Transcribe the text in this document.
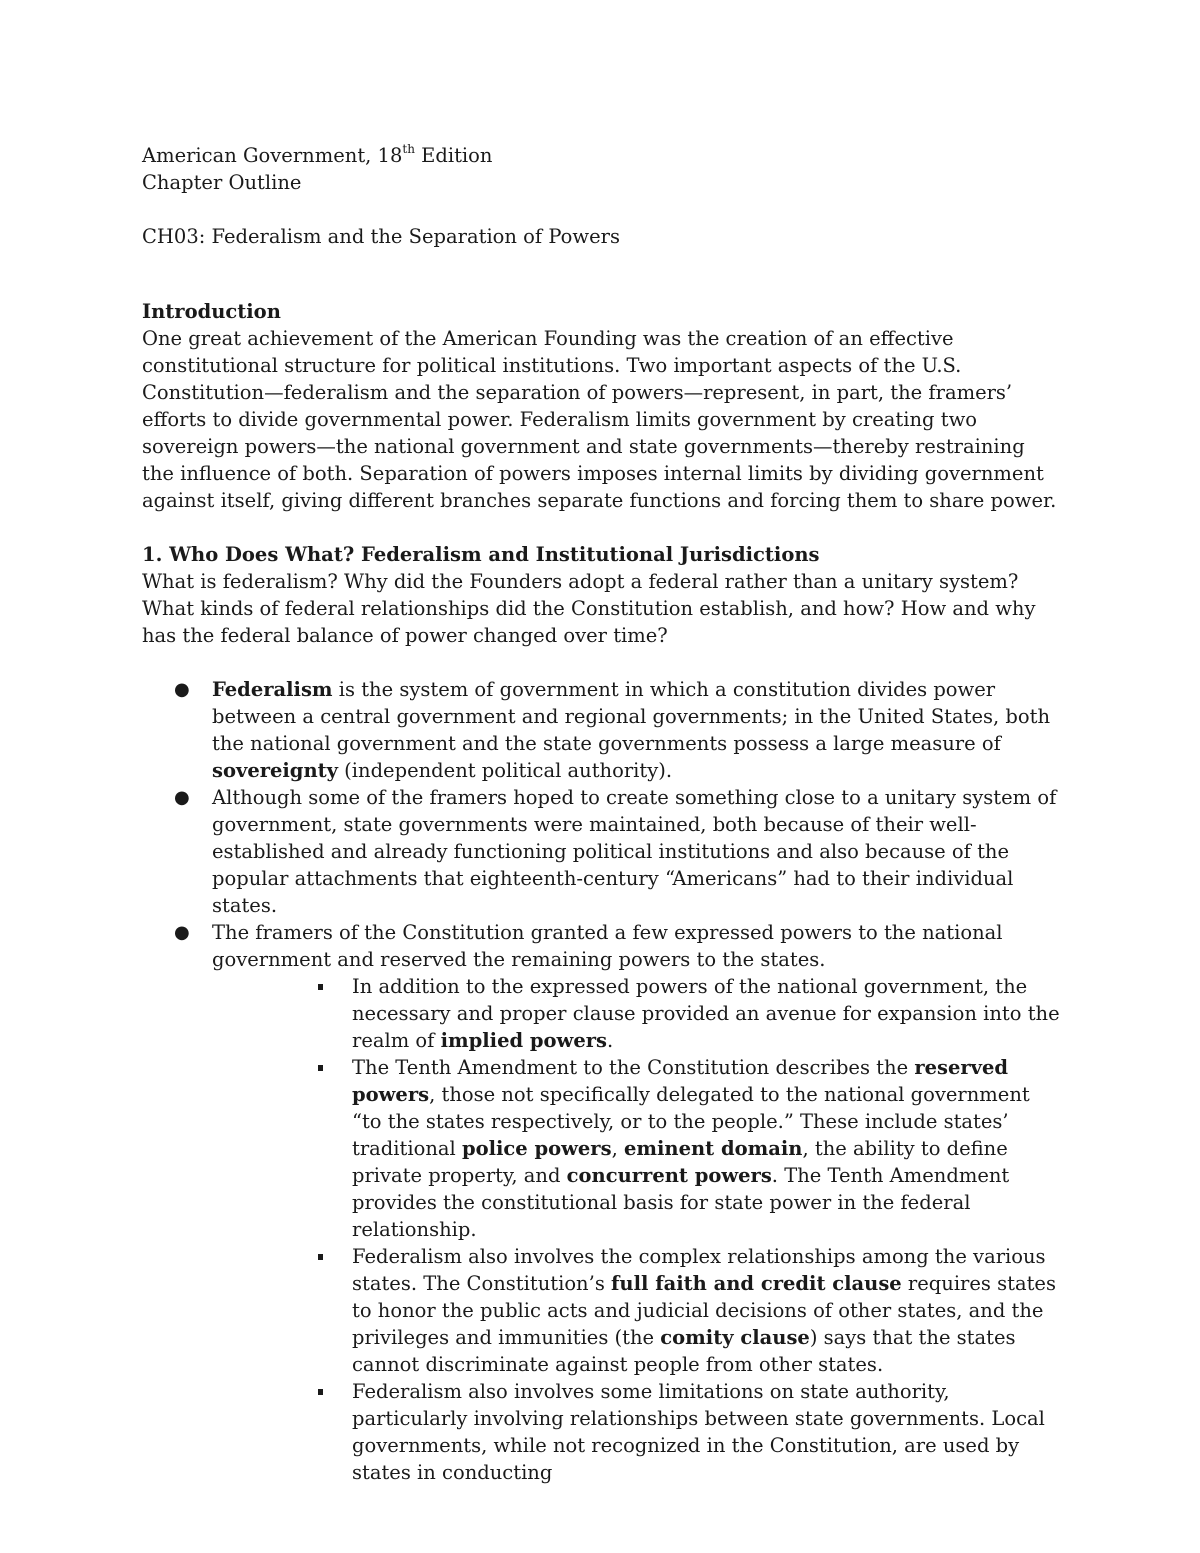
American Government, 18th Edition

Chapter Outline

CH03: Federalism and the Separation of Powers

Introduction

One great achievement of the American Founding was the creation of an effective constitutional structure for political institutions. Two important aspects of the U.S. Constitution—federalism and the separation of powers—represent, in part, the framers’ efforts to divide governmental power. Federalism limits government by creating two sovereign powers—the national government and state governments—thereby restraining the influence of both. Separation of powers imposes internal limits by dividing government against itself, giving different branches separate functions and forcing them to share power.

1. Who Does What? Federalism and Institutional Jurisdictions

What is federalism? Why did the Founders adopt a federal rather than a unitary system? What kinds of federal relationships did the Constitution establish, and how? How and why has the federal balance of power changed over time?

● Federalism is the system of government in which a constitution divides power between a central government and regional governments; in the United States, both the national government and the state governments possess a large measure of sovereignty (independent political authority).
● Although some of the framers hoped to create something close to a unitary system of government, state governments were maintained, both because of their well-established and already functioning political institutions and also because of the popular attachments that eighteenth-century “Americans” had to their individual states.
● The framers of the Constitution granted a few expressed powers to the national government and reserved the remaining powers to the states.
In addition to the expressed powers of the national government, the necessary and proper clause provided an avenue for expansion into the realm of implied powers.
The Tenth Amendment to the Constitution describes the reserved powers, those not specifically delegated to the national government “to the states respectively, or to the people.” These include states’ traditional police powers, eminent domain, the ability to define private property, and concurrent powers. The Tenth Amendment provides the constitutional basis for state power in the federal relationship.
Federalism also involves the complex relationships among the various states. The Constitution’s full faith and credit clause requires states to honor the public acts and judicial decisions of other states, and the privileges and immunities (the comity clause) says that the states cannot discriminate against people from other states.
Federalism also involves some limitations on state authority, particularly involving relationships between state governments. Local governments, while not recognized in the Constitution, are used by states in conducting
